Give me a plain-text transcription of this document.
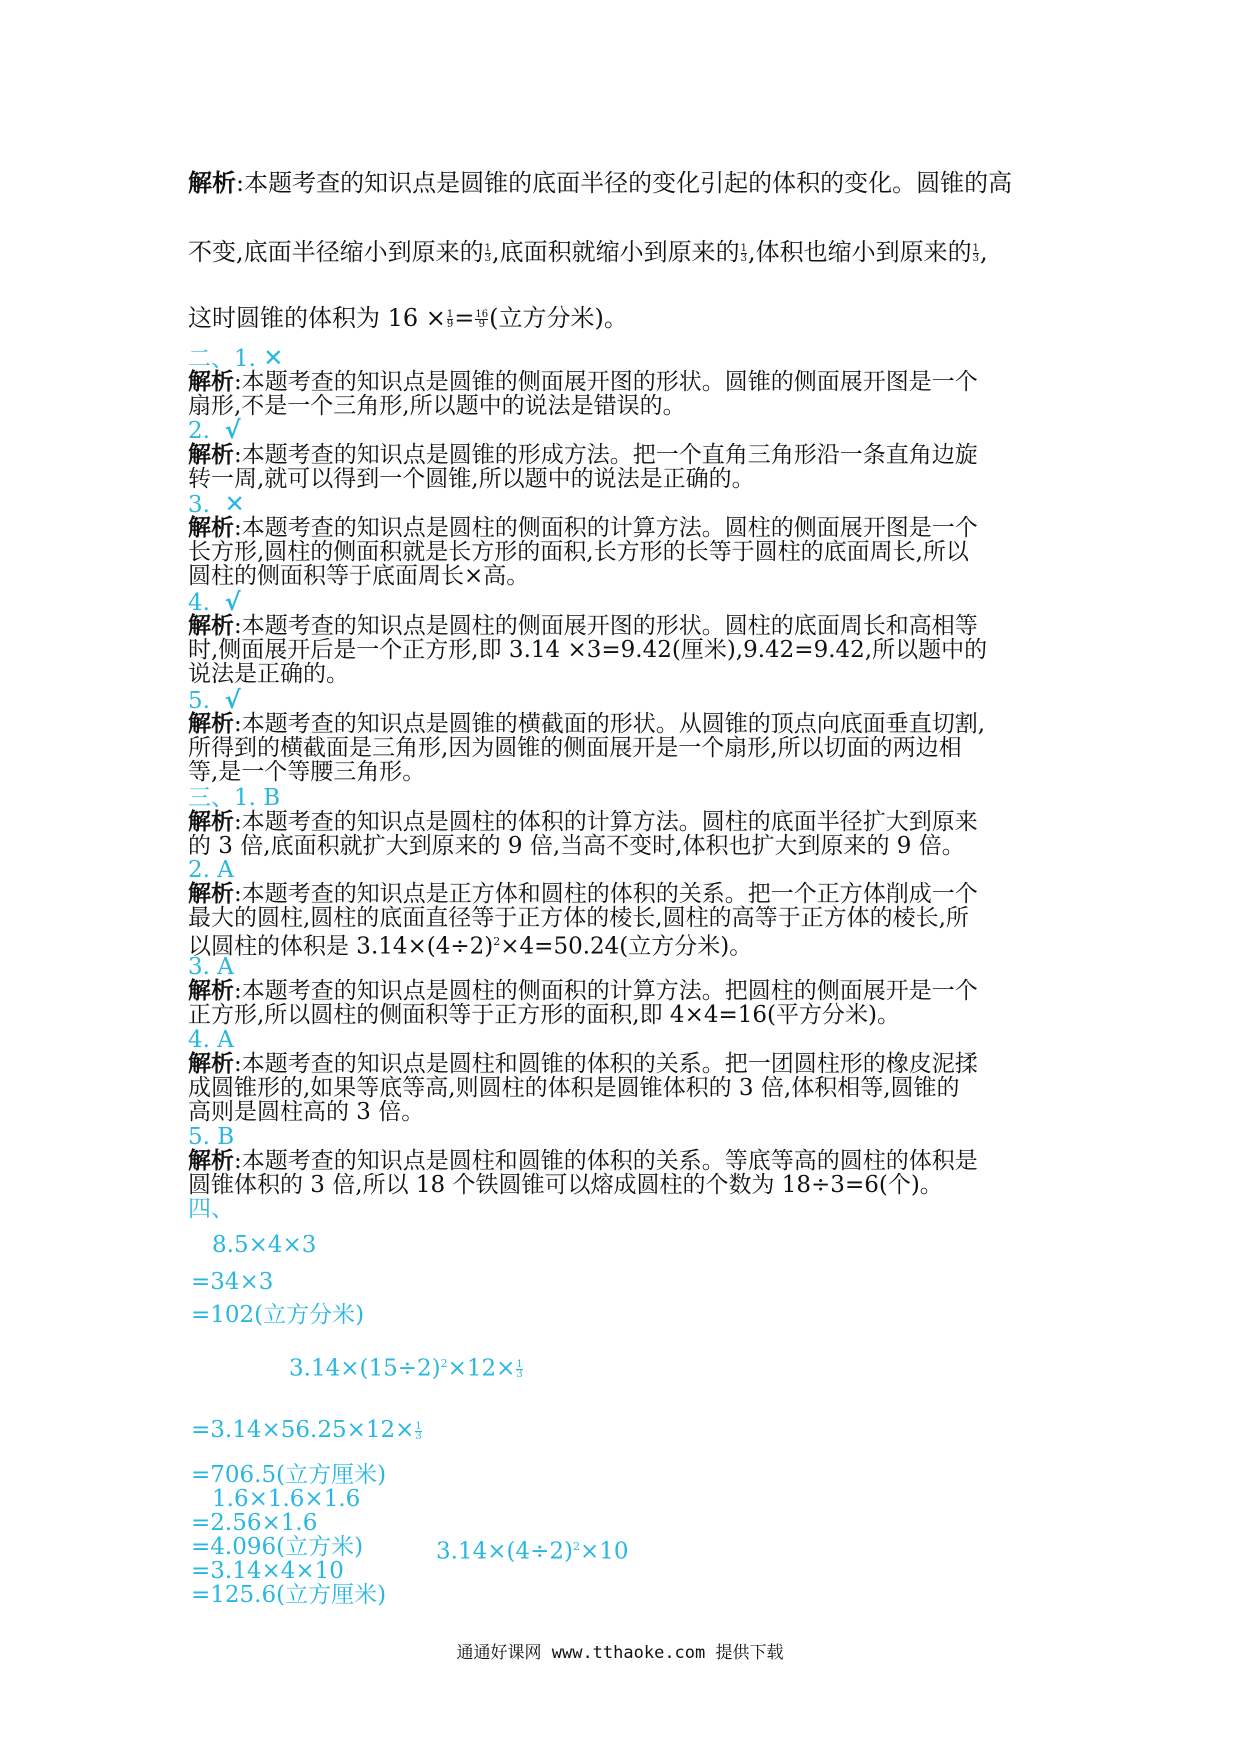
解析:本题考查的知识点是圆锥的底面半径的变化引起的体积的变化。圆锥的高
不变,底面半径缩小到原来的 $\frac{1}{3}$ ,底面积就缩小到原来的 $\frac{1}{3}$ ,体积也缩小到原来的 $\frac{1}{3}$ ,
这时圆锥的体积为 $16 \times \frac{1}{9} = \frac{16}{9}$ (立方分米)。
二、1. ✕
解析:本题考查的知识点是圆锥的侧面展开图的形状。圆锥的侧面展开图是一个
扇形,不是一个三角形,所以题中的说法是错误的。
2. √
解析:本题考查的知识点是圆锥的形成方法。把一个直角三角形沿一条直角边旋
转一周,就可以得到一个圆锥,所以题中的说法是正确的。
3. ✕
解析:本题考查的知识点是圆柱的侧面积的计算方法。圆柱的侧面展开图是一个
长方形,圆柱的侧面积就是长方形的面积,长方形的长等于圆柱的底面周长,所以
圆柱的侧面积等于底面周长×高。
4. √
解析:本题考查的知识点是圆柱的侧面展开图的形状。圆柱的底面周长和高相等
时,侧面展开后是一个正方形,即 3.14 ×3=9.42(厘米),9.42=9.42,所以题中的
说法是正确的。
5. √
解析:本题考查的知识点是圆锥的横截面的形状。从圆锥的顶点向底面垂直切割,
所得到的横截面是三角形,因为圆锥的侧面展开是一个扇形,所以切面的两边相
等,是一个等腰三角形。
三、1. B
解析:本题考查的知识点是圆柱的体积的计算方法。圆柱的底面半径扩大到原来
的 3 倍,底面积就扩大到原来的 9 倍,当高不变时,体积也扩大到原来的 9 倍。
2. A
解析:本题考查的知识点是正方体和圆柱的体积的关系。把一个正方体削成一个
最大的圆柱,圆柱的底面直径等于正方体的棱长,圆柱的高等于正方体的棱长,所
以圆柱的体积是 $3.14\times(4\div 2)^2\times 4=50.24$(立方分米)。
3. A
解析:本题考查的知识点是圆柱的侧面积的计算方法。把圆柱的侧面展开是一个
正方形,所以圆柱的侧面积等于正方形的面积,即 4×4=16(平方分米)。
4. A
解析:本题考查的知识点是圆柱和圆锥的体积的关系。把一团圆柱形的橡皮泥揉
成圆锥形的,如果等底等高,则圆柱的体积是圆锥体积的 3 倍,体积相等,圆锥的
高则是圆柱高的 3 倍。
5. B
解析:本题考查的知识点是圆柱和圆锥的体积的关系。等底等高的圆柱的体积是
圆锥体积的 3 倍,所以 18 个铁圆锥可以熔成圆柱的个数为 18÷3=6(个)。
四、
8.5×4×3
=34×3
=102(立方分米)
$3.14\times(15\div 2)^2\times 12\times \frac{1}{3}$
$=3.14\times 56.25\times 12\times \frac{1}{3}$
=706.5(立方厘米)
1.6×1.6×1.6
=2.56×1.6
=4.096(立方米)	$3.14\times(4\div 2)^2\times 10$
=3.14×4×10
=125.6(立方厘米)
通通好课网 www.tthaoke.com 提供下载
